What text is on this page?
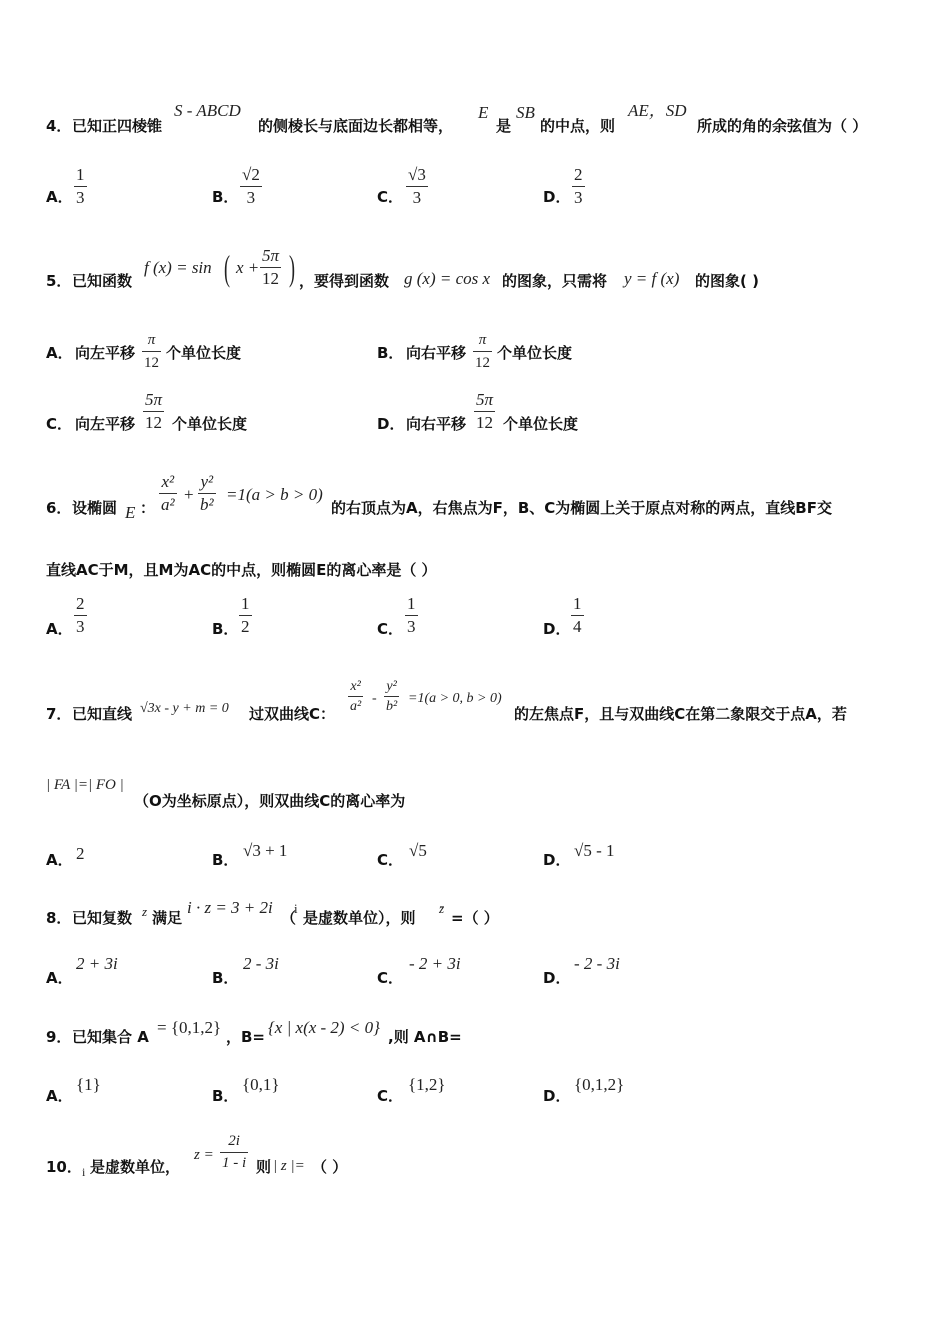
4． 已知正四棱锥
S - ABCD
的侧棱长与底面边长都相等，
E
是
SB
的中点，则
AE，SD
所成的角的余弦值为（ ）
A．
1
3	B．
√2
3	C．
√3
3	D．
2
3
5． 已知函数
f (x) = sin ( x +
5π
12 ) ，要得到函数 g (x) = cos x 的图象，只需将 y = f (x) 的图象( )
A． 向左平移
π
12
个单位长度	B． 向右平移
π
12
个单位长度
C． 向左平移
5π
12 个单位长度	D． 向右平移
5π
12 个单位长度
6． 设椭圆 E ：
x²
a²
+
y²
b²
=1(a > b > 0)
的右顶点为A，右焦点为F，B、C为椭圆上关于原点对称的两点，直线BF交
直线AC于M，且M为AC的中点，则椭圆E的离心率是（ ）
A．
2
3	B．
1
2	C．
1
3	D．
1
4
7． 已知直线 √3x - y + m = 0 过双曲线C：
x²
a²
-
y²
b²
=1(a > 0, b > 0)
的左焦点F，且与双曲线C在第二象限交于点A，若
| FA |=| FO |
（O为坐标原点），则双曲线C的离心率为
A． 2	B． √3 + 1	C． √5	D． √5 - 1
8． 已知复数 z 满足
i · z = 3 + 2i
（
i
是虚数单位），则
z̄
=（ ）
A．
2 + 3i
B．
2 - 3i
C．
- 2 + 3i
D．
- 2 - 3i
9． 已知集合 A = {0,1,2} ，B= {x | x(x - 2) < 0} ,则 A∩B=
A．
{1}
B．
{0,1}
C．
{1,2}
D．
{0,1,2}
10． i 是虚数单位，
z =
2i
1 - i 则 | z |= （ ）
